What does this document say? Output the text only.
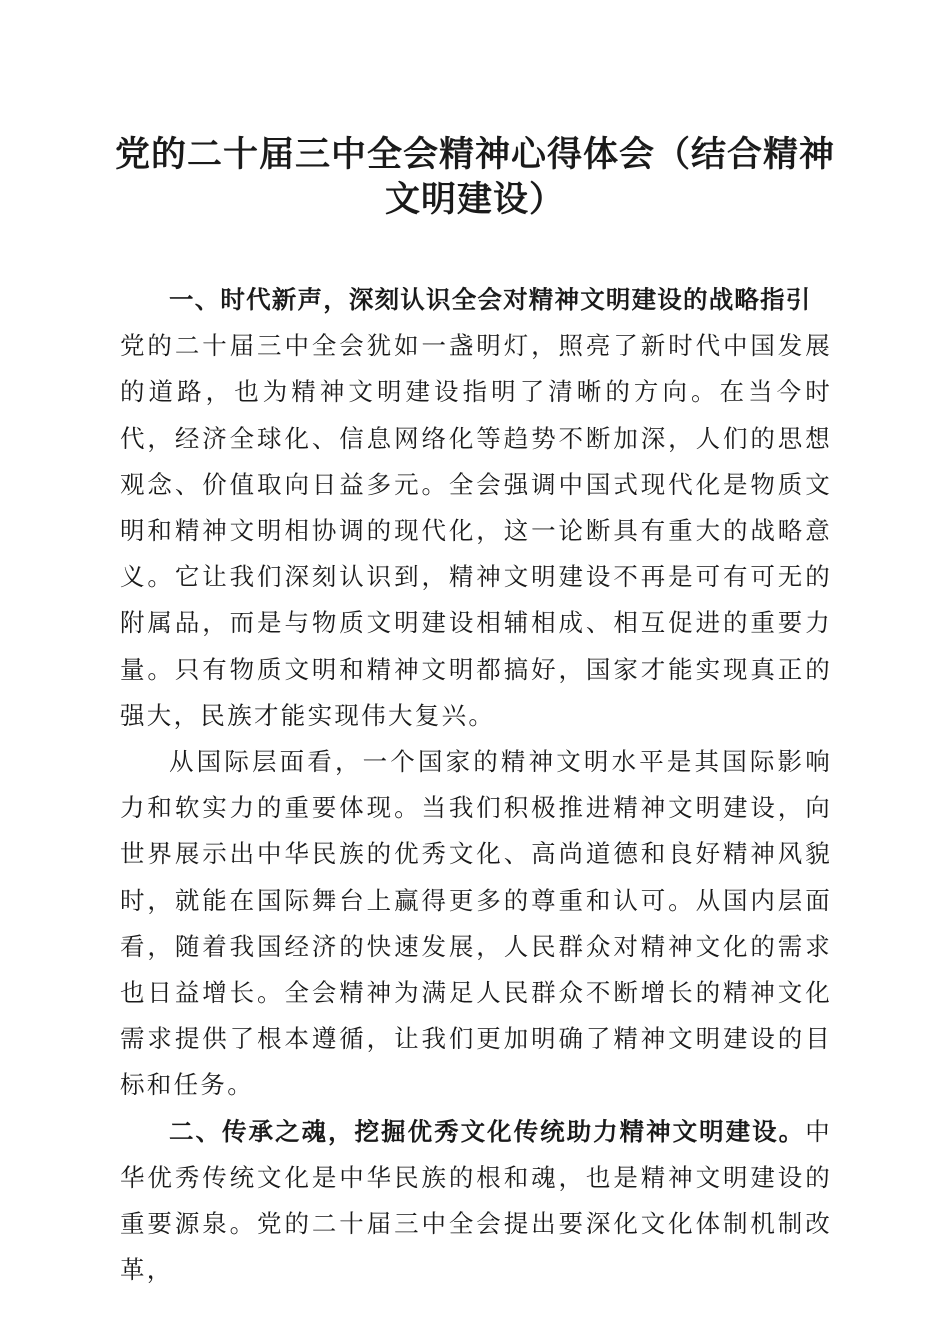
党的二十届三中全会精神心得体会（结合精神文明建设）
一、时代新声，深刻认识全会对精神文明建设的战略指引

党的二十届三中全会犹如一盏明灯，照亮了新时代中国发展的道路，也为精神文明建设指明了清晰的方向。在当今时代，经济全球化、信息网络化等趋势不断加深，人们的思想观念、价值取向日益多元。全会强调中国式现代化是物质文明和精神文明相协调的现代化，这一论断具有重大的战略意义。它让我们深刻认识到，精神文明建设不再是可有可无的附属品，而是与物质文明建设相辅相成、相互促进的重要力量。只有物质文明和精神文明都搞好，国家才能实现真正的强大，民族才能实现伟大复兴。

从国际层面看，一个国家的精神文明水平是其国际影响力和软实力的重要体现。当我们积极推进精神文明建设，向世界展示出中华民族的优秀文化、高尚道德和良好精神风貌时，就能在国际舞台上赢得更多的尊重和认可。从国内层面看，随着我国经济的快速发展，人民群众对精神文化的需求也日益增长。全会精神为满足人民群众不断增长的精神文化需求提供了根本遵循，让我们更加明确了精神文明建设的目标和任务。

二、传承之魂，挖掘优秀文化传统助力精神文明建设。中华优秀传统文化是中华民族的根和魂，也是精神文明建设的重要源泉。党的二十届三中全会提出要深化文化体制机制改革，
